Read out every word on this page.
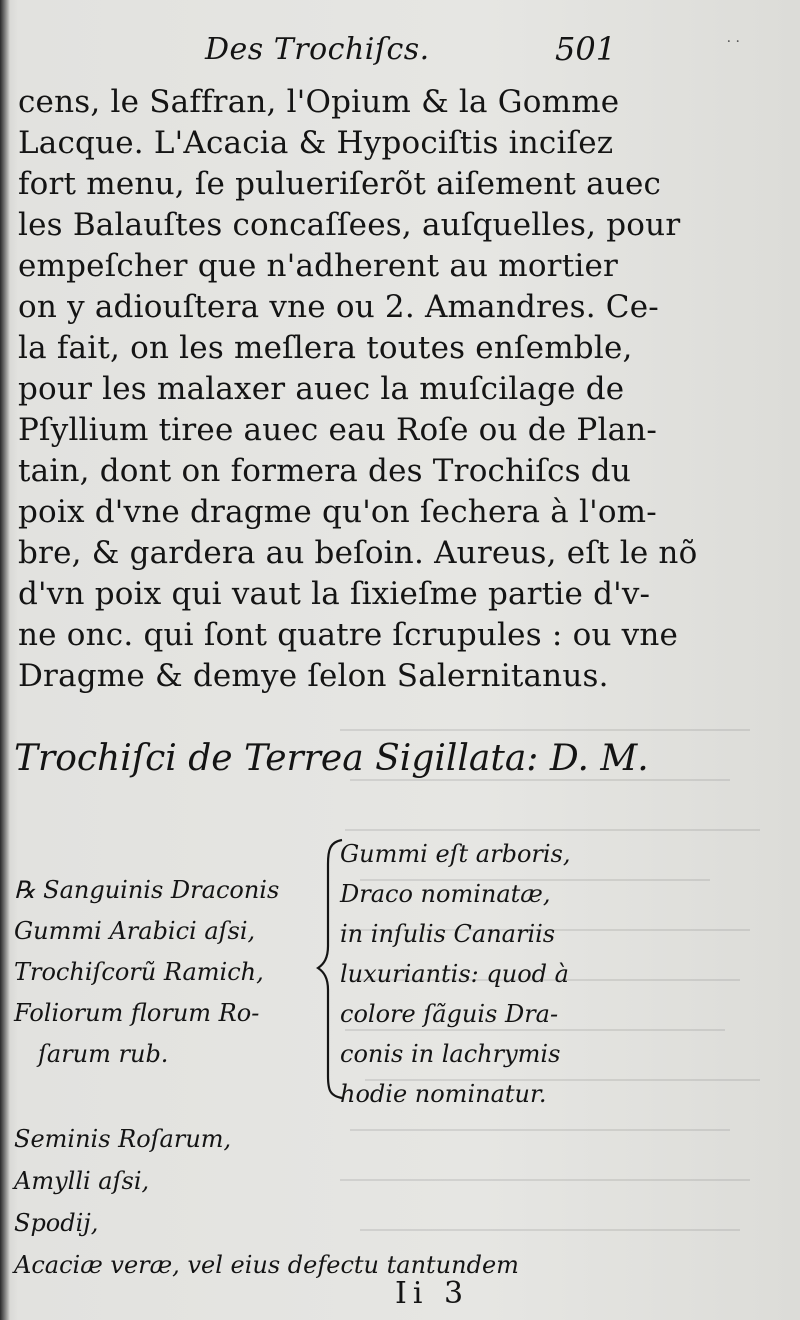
Des Trochiſcs.	501	· ·
cens, le Saffran, l'Opium & la Gomme
Lacque. L'Acacia & Hypociſtis inciſez
fort menu, ſe pulueriſerõt aiſement auec
les Balauſtes concaſſees, auſquelles, pour
empeſcher que n'adherent au mortier
on y adiouſtera vne ou 2. Amandres. Ce-
la fait, on les meſlera toutes enſemble,
pour les malaxer auec la muſcilage de
Pſyllium tiree auec eau Roſe ou de Plan-
tain, dont on formera des Trochiſcs du
poix d'vne dragme qu'on ſechera à l'om-
bre, & gardera au beſoin. Aureus, eſt le nõ
d'vn poix qui vaut la ſixieſme partie d'v-
ne onc. qui ſont quatre ſcrupules : ou vne
Dragme & demye ſelon Salernitanus.
Trochiſci de Terrea Sigillata: D. M.
℞ Sanguinis Draconis
Gummi Arabici aſsi,
Trochiſcorũ Ramich,
Foliorum florum Ro-
ſarum rub.
Gummi eſt arboris,
Draco nominatæ,
in inſulis Canariis
luxuriantis: quod à
colore ſãguis Dra-
conis in lachrymis
hodie nominatur.
Seminis Roſarum,
Amylli aſsi,
Spodij,
Acaciæ veræ, vel eius defectu tantundem
Ii 3
